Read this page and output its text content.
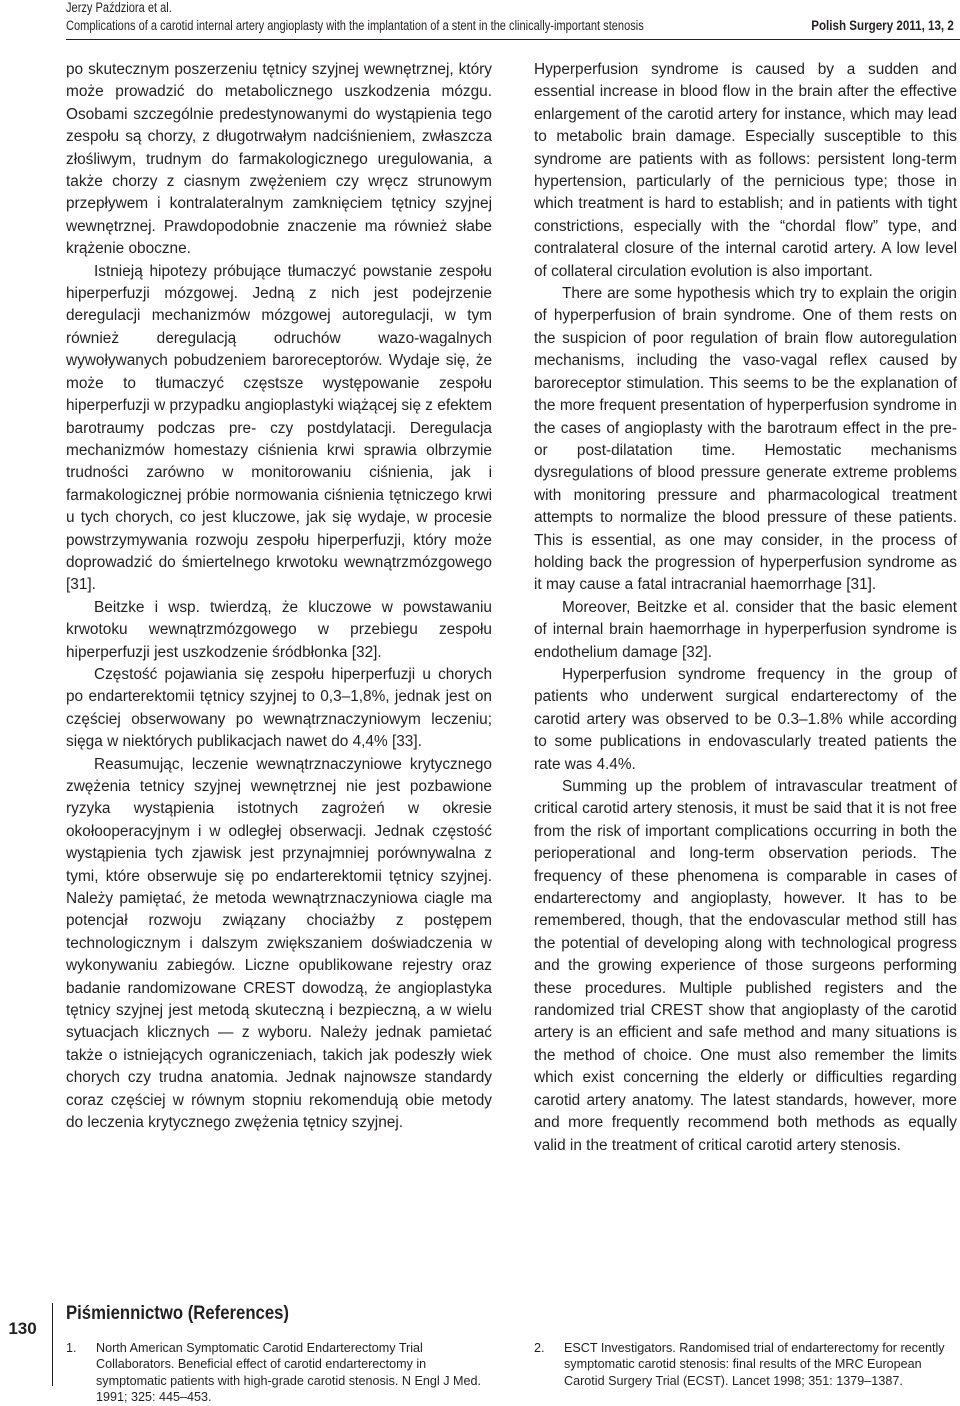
Jerzy Paździora et al.
Complications of a carotid internal artery angioplasty with the implantation of a stent in the clinically-important stenosis	Polish Surgery 2011, 13, 2

po skutecznym poszerzeniu tętnicy szyjnej wewnętrznej, który może prowadzić do metabolicznego uszkodzenia mózgu. Osobami szczególnie predestynowanymi do wystąpienia tego zespołu są chorzy, z długotrwałym nadciśnieniem, zwłaszcza złośliwym, trudnym do farmakologicznego uregulowania, a także chorzy z ciasnym zwężeniem czy wręcz strunowym przepływem i kontralateralnym zamknięciem tętnicy szyjnej wewnętrznej. Prawdopodobnie znaczenie ma również słabe krążenie oboczne.

Istnieją hipotezy próbujące tłumaczyć powstanie zespołu hiperperfuzji mózgowej. Jedną z nich jest podejrzenie deregulacji mechanizmów mózgowej autoregulacji, w tym również deregulacją odruchów wazo-wagalnych wywoływanych pobudzeniem baroreceptorów. Wydaje się, że może to tłumaczyć częstsze występowanie zespołu hiperperfuzji w przypadku angioplastyki wiążącej się z efektem barotraumy podczas pre- czy postdylatacji. Deregulacja mechanizmów homestazy ciśnienia krwi sprawia olbrzymie trudności zarówno w monitorowaniu ciśnienia, jak i farmakologicznej próbie normowania ciśnienia tętniczego krwi u tych chorych, co jest kluczowe, jak się wydaje, w procesie powstrzymywania rozwoju zespołu hiperperfuzji, który może doprowadzić do śmiertelnego krwotoku wewnątrzmózgowego [31].

Beitzke i wsp. twierdzą, że kluczowe w powstawaniu krwotoku wewnątrzmózgowego w przebiegu zespołu hiperperfuzji jest uszkodzenie śródbłonka [32].

Częstość pojawiania się zespołu hiperperfuzji u chorych po endarterektomii tętnicy szyjnej to 0,3–1,8%, jednak jest on częściej obserwowany po wewnątrznaczyniowym leczeniu; sięga w niektórych publikacjach nawet do 4,4% [33].

Reasumując, leczenie wewnątrznaczyniowe krytycznego zwężenia tetnicy szyjnej wewnętrznej nie jest pozbawione ryzyka wystąpienia istotnych zagrożeń w okresie okołooperacyjnym i w odległej obserwacji. Jednak częstość wystąpienia tych zjawisk jest przynajmniej porównywalna z tymi, które obserwuje się po endarterektomii tętnicy szyjnej. Należy pamiętać, że metoda wewnątrznaczyniowa ciagle ma potencjał rozwoju związany chociażby z postępem technologicznym i dalszym zwiększaniem doświadczenia w wykonywaniu zabiegów. Liczne opublikowane rejestry oraz badanie randomizowane CREST dowodzą, że angioplastyka tętnicy szyjnej jest metodą skuteczną i bezpieczną, a w wielu sytuacjach klicznych — z wyboru. Należy jednak pamietać także o istniejących ograniczeniach, takich jak podeszły wiek chorych czy trudna anatomia. Jednak najnowsze standardy coraz częściej w równym stopniu rekomendują obie metody do leczenia krytycznego zwężenia tętnicy szyjnej.

Hyperperfusion syndrome is caused by a sudden and essential increase in blood flow in the brain after the effective enlargement of the carotid artery for instance, which may lead to metabolic brain damage. Especially susceptible to this syndrome are patients with as follows: persistent long-term hypertension, particularly of the pernicious type; those in which treatment is hard to establish; and in patients with tight constrictions, especially with the “chordal flow” type, and contralateral closure of the internal carotid artery. A low level of collateral circulation evolution is also important.

There are some hypothesis which try to explain the origin of hyperperfusion of brain syndrome. One of them rests on the suspicion of poor regulation of brain flow autoregulation mechanisms, including the vaso-vagal reflex caused by baroreceptor stimulation. This seems to be the explanation of the more frequent presentation of hyperperfusion syndrome in the cases of angioplasty with the barotraum effect in the pre- or post-dilatation time. Hemostatic mechanisms dysregulations of blood pressure generate extreme problems with monitoring pressure and pharmacological treatment attempts to normalize the blood pressure of these patients. This is essential, as one may consider, in the process of holding back the progression of hyperperfusion syndrome as it may cause a fatal intracranial haemorrhage [31].

Moreover, Beitzke et al. consider that the basic element of internal brain haemorrhage in hyperperfusion syndrome is endothelium damage [32].

Hyperperfusion syndrome frequency in the group of patients who underwent surgical endarterectomy of the carotid artery was observed to be 0.3–1.8% while according to some publications in endovascularly treated patients the rate was 4.4%.

Summing up the problem of intravascular treatment of critical carotid artery stenosis, it must be said that it is not free from the risk of important complications occurring in both the perioperational and long-term observation periods. The frequency of these phenomena is comparable in cases of endarterectomy and angioplasty, however. It has to be remembered, though, that the endovascular method still has the potential of developing along with technological progress and the growing experience of those surgeons performing these procedures. Multiple published registers and the randomized trial CREST show that angioplasty of the carotid artery is an efficient and safe method and many situations is the method of choice. One must also remember the limits which exist concerning the elderly or difficulties regarding carotid artery anatomy. The latest standards, however, more and more frequently recommend both methods as equally valid in the treatment of critical carotid artery stenosis.

Piśmiennictwo (References)
130
1. North American Symptomatic Carotid Endarterectomy Trial Collaborators. Beneficial effect of carotid endarterectomy in symptomatic patients with high-grade carotid stenosis. N Engl J Med. 1991; 325: 445–453.
2. ESCT Investigators. Randomised trial of endarterectomy for recently symptomatic carotid stenosis: final results of the MRC European Carotid Surgery Trial (ECST). Lancet 1998; 351: 1379–1387.
